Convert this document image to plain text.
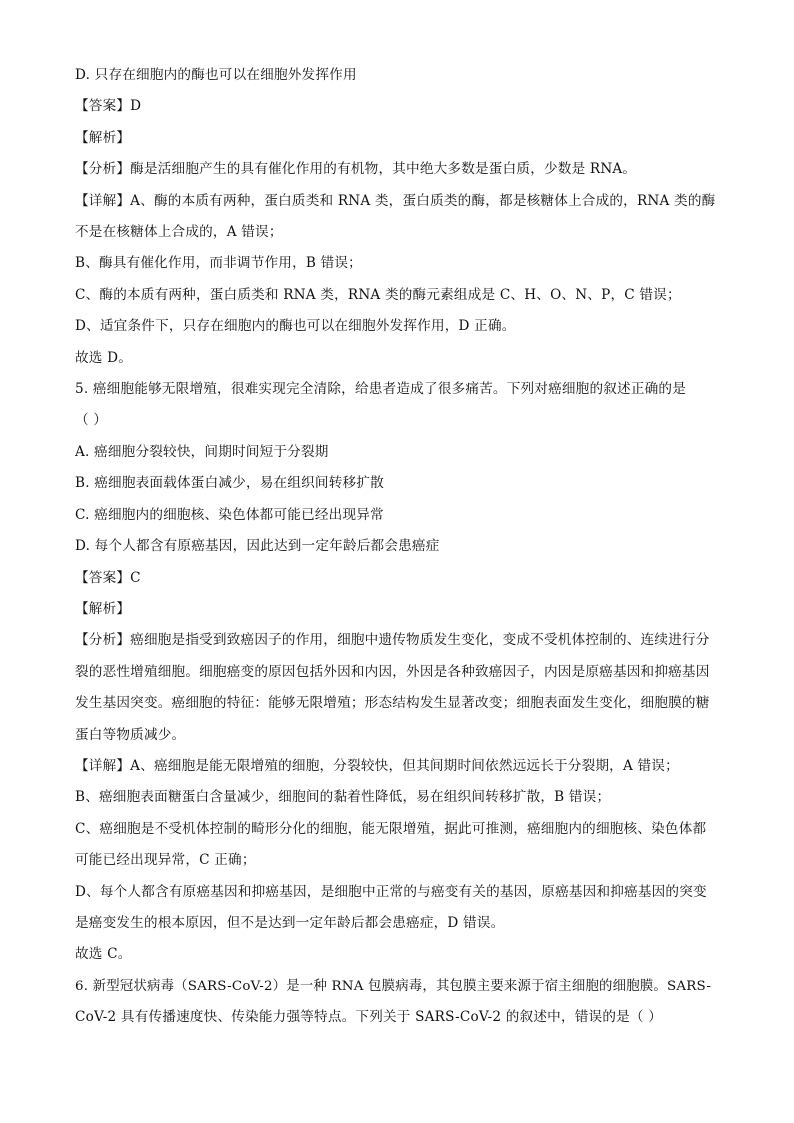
D. 只存在细胞内的酶也可以在细胞外发挥作用
【答案】D
【解析】
【分析】酶是活细胞产生的具有催化作用的有机物，其中绝大多数是蛋白质，少数是 RNA。
【详解】A、酶的本质有两种，蛋白质类和 RNA 类，蛋白质类的酶，都是核糖体上合成的，RNA 类的酶
不是在核糖体上合成的，A 错误；
B、酶具有催化作用，而非调节作用，B 错误；
C、酶的本质有两种，蛋白质类和 RNA 类，RNA 类的酶元素组成是 C、H、O、N、P，C 错误；
D、适宜条件下，只存在细胞内的酶也可以在细胞外发挥作用，D 正确。
故选 D。
5. 癌细胞能够无限增殖，很难实现完全清除，给患者造成了很多痛苦。下列对癌细胞的叙述正确的是
（ ）
A. 癌细胞分裂较快，间期时间短于分裂期
B. 癌细胞表面载体蛋白减少，易在组织间转移扩散
C. 癌细胞内的细胞核、染色体都可能已经出现异常
D. 每个人都含有原癌基因，因此达到一定年龄后都会患癌症
【答案】C
【解析】
【分析】癌细胞是指受到致癌因子的作用，细胞中遗传物质发生变化，变成不受机体控制的、连续进行分
裂的恶性增殖细胞。细胞癌变的原因包括外因和内因，外因是各种致癌因子，内因是原癌基因和抑癌基因
发生基因突变。癌细胞的特征：能够无限增殖；形态结构发生显著改变；细胞表面发生变化，细胞膜的糖
蛋白等物质减少。
【详解】A、癌细胞是能无限增殖的细胞，分裂较快，但其间期时间依然远远长于分裂期，A 错误；
B、癌细胞表面糖蛋白含量减少，细胞间的黏着性降低，易在组织间转移扩散，B 错误；
C、癌细胞是不受机体控制的畸形分化的细胞，能无限增殖，据此可推测，癌细胞内的细胞核、染色体都
可能已经出现异常，C 正确；
D、每个人都含有原癌基因和抑癌基因，是细胞中正常的与癌变有关的基因，原癌基因和抑癌基因的突变
是癌变发生的根本原因，但不是达到一定年龄后都会患癌症，D 错误。
故选 C。
6. 新型冠状病毒（SARS-CoV-2）是一种 RNA 包膜病毒，其包膜主要来源于宿主细胞的细胞膜。SARS-
CoV-2 具有传播速度快、传染能力强等特点。下列关于 SARS-CoV-2 的叙述中，错误的是（ ）
